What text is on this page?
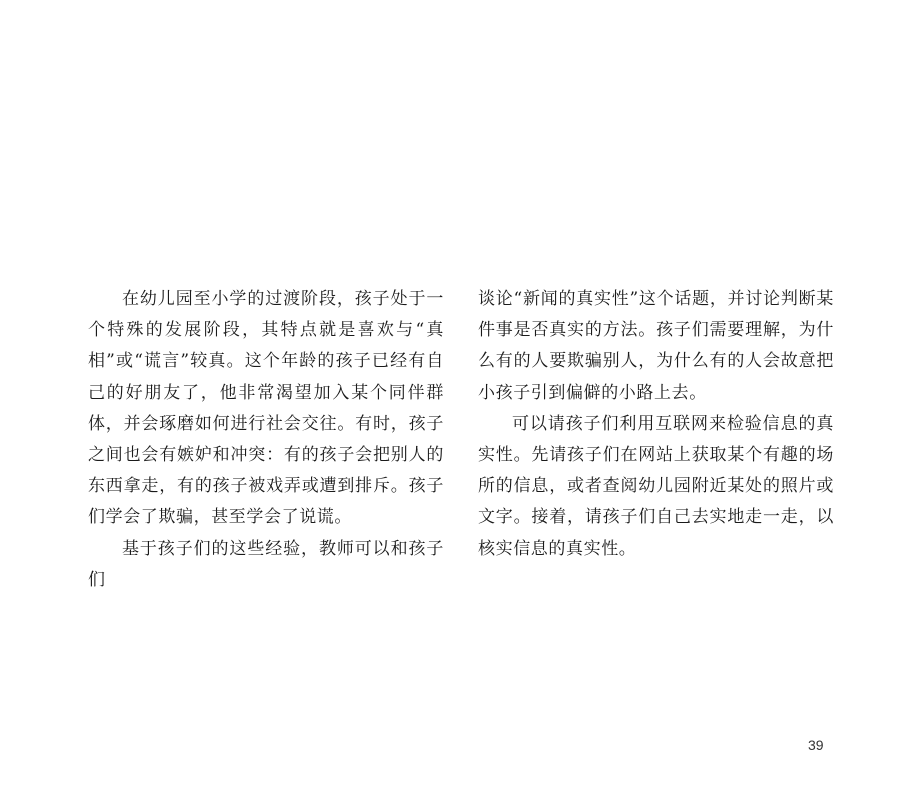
在幼儿园至小学的过渡阶段，孩子处于一个特殊的发展阶段，其特点就是喜欢与“真相”或“谎言”较真。这个年龄的孩子已经有自己的好朋友了，他非常渴望加入某个同伴群体，并会琢磨如何进行社会交往。有时，孩子之间也会有嫉妒和冲突：有的孩子会把别人的东西拿走，有的孩子被戏弄或遭到排斥。孩子们学会了欺骗，甚至学会了说谎。

基于孩子们的这些经验，教师可以和孩子们

谈论“新闻的真实性”这个话题，并讨论判断某件事是否真实的方法。孩子们需要理解，为什么有的人要欺骗别人，为什么有的人会故意把小孩子引到偏僻的小路上去。

可以请孩子们利用互联网来检验信息的真实性。先请孩子们在网站上获取某个有趣的场所的信息，或者查阅幼儿园附近某处的照片或文字。接着，请孩子们自己去实地走一走，以核实信息的真实性。

39
